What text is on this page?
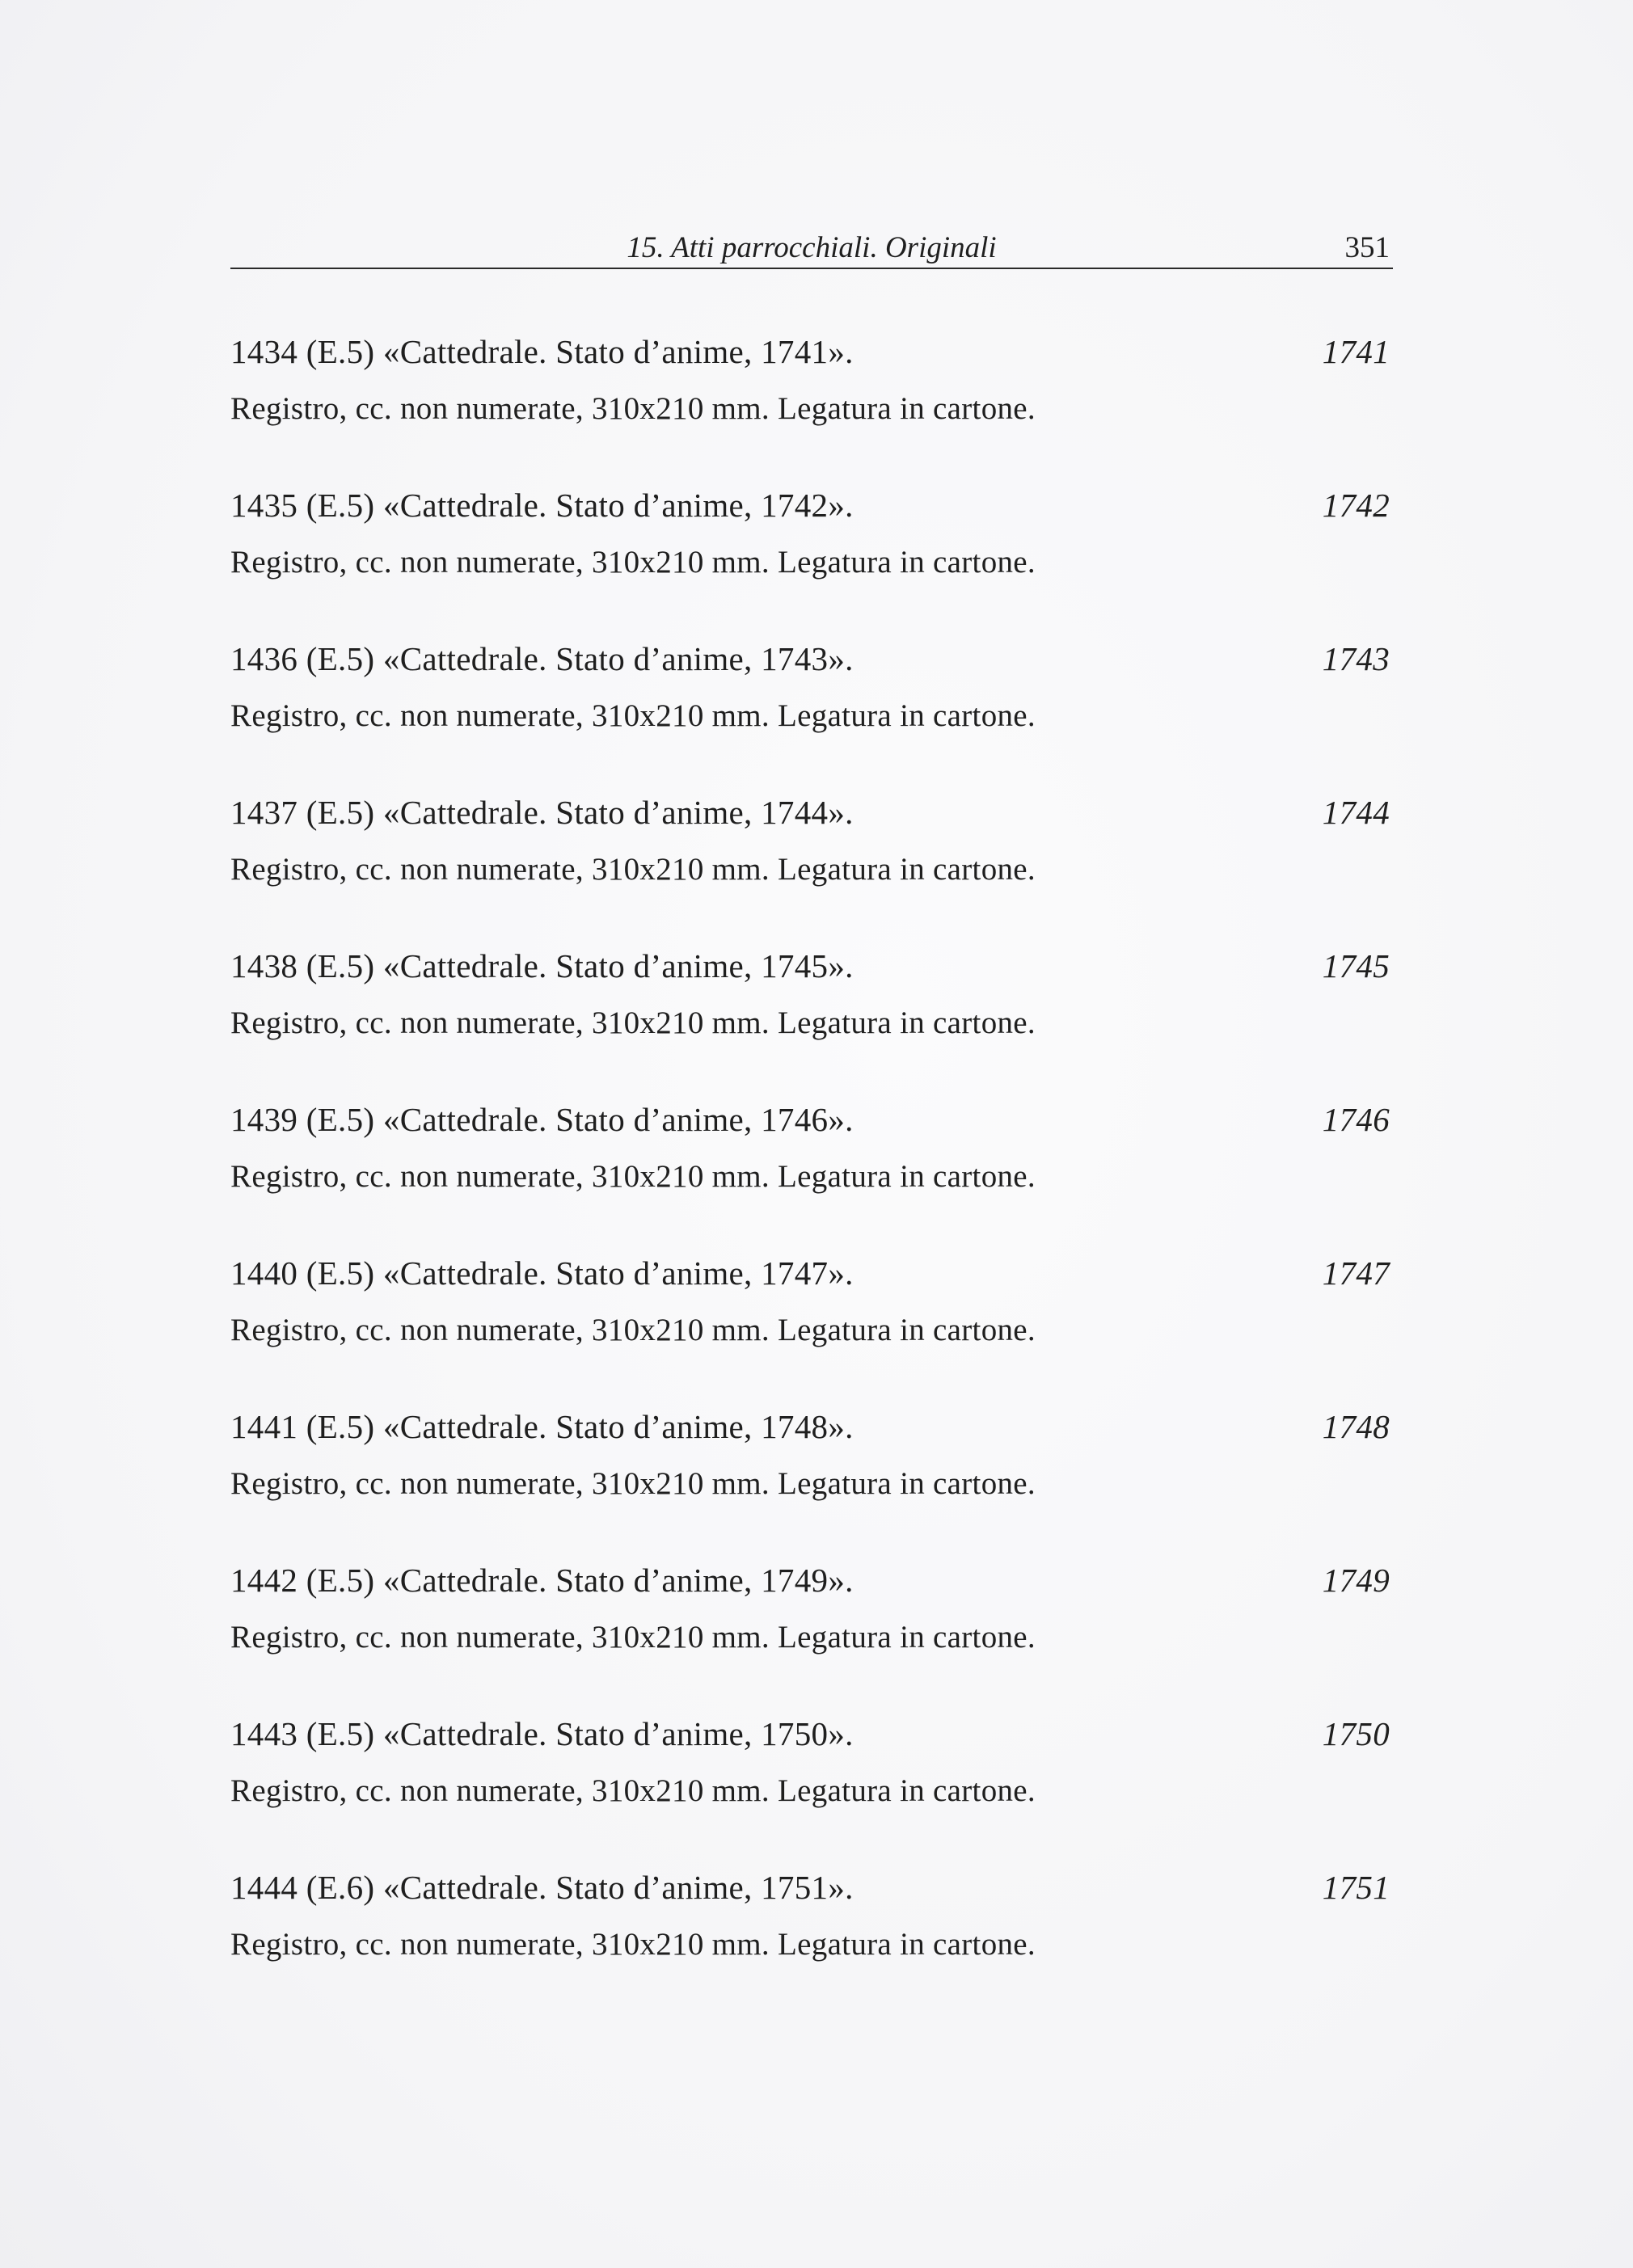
15. Atti parrocchiali. Originali	351
1434 (E.5) «Cattedrale. Stato d’anime, 1741».	1741
Registro, cc. non numerate, 310x210 mm. Legatura in cartone.
1435 (E.5) «Cattedrale. Stato d’anime, 1742».	1742
Registro, cc. non numerate, 310x210 mm. Legatura in cartone.
1436 (E.5) «Cattedrale. Stato d’anime, 1743».	1743
Registro, cc. non numerate, 310x210 mm. Legatura in cartone.
1437 (E.5) «Cattedrale. Stato d’anime, 1744».	1744
Registro, cc. non numerate, 310x210 mm. Legatura in cartone.
1438 (E.5) «Cattedrale. Stato d’anime, 1745».	1745
Registro, cc. non numerate, 310x210 mm. Legatura in cartone.
1439 (E.5) «Cattedrale. Stato d’anime, 1746».	1746
Registro, cc. non numerate, 310x210 mm. Legatura in cartone.
1440 (E.5) «Cattedrale. Stato d’anime, 1747».	1747
Registro, cc. non numerate, 310x210 mm. Legatura in cartone.
1441 (E.5) «Cattedrale. Stato d’anime, 1748».	1748
Registro, cc. non numerate, 310x210 mm. Legatura in cartone.
1442 (E.5) «Cattedrale. Stato d’anime, 1749».	1749
Registro, cc. non numerate, 310x210 mm. Legatura in cartone.
1443 (E.5) «Cattedrale. Stato d’anime, 1750».	1750
Registro, cc. non numerate, 310x210 mm. Legatura in cartone.
1444 (E.6) «Cattedrale. Stato d’anime, 1751».	1751
Registro, cc. non numerate, 310x210 mm. Legatura in cartone.
